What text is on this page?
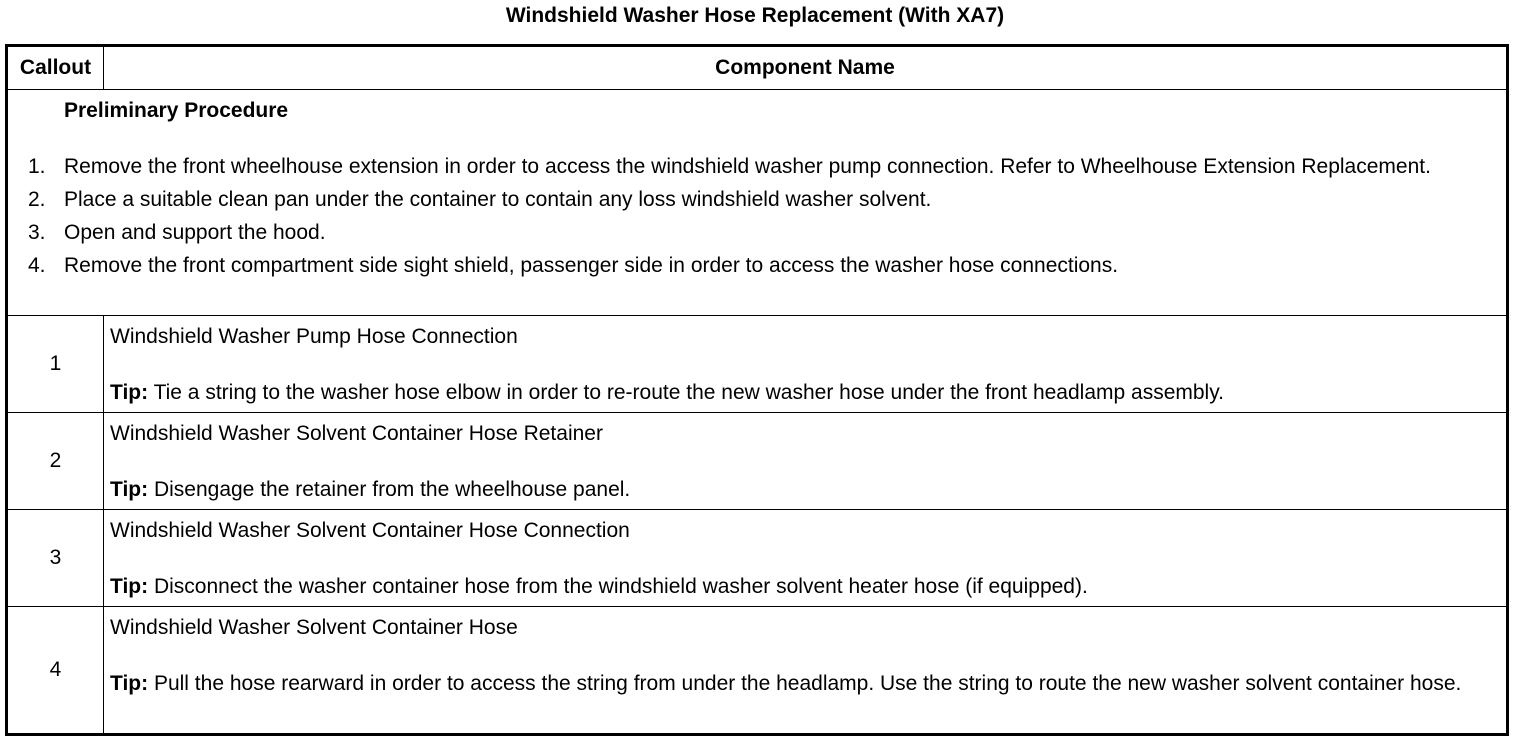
Windshield Washer Hose Replacement (With XA7)
Callout	Component Name
Preliminary Procedure
1. Remove the front wheelhouse extension in order to access the windshield washer pump connection. Refer to Wheelhouse Extension Replacement.
2. Place a suitable clean pan under the container to contain any loss windshield washer solvent.
3. Open and support the hood.
4. Remove the front compartment side sight shield, passenger side in order to access the washer hose connections.
1
Windshield Washer Pump Hose Connection
Tip: Tie a string to the washer hose elbow in order to re-route the new washer hose under the front headlamp assembly.
2
Windshield Washer Solvent Container Hose Retainer
Tip: Disengage the retainer from the wheelhouse panel.
3
Windshield Washer Solvent Container Hose Connection
Tip: Disconnect the washer container hose from the windshield washer solvent heater hose (if equipped).
4
Windshield Washer Solvent Container Hose
Tip: Pull the hose rearward in order to access the string from under the headlamp. Use the string to route the new washer solvent container hose.
